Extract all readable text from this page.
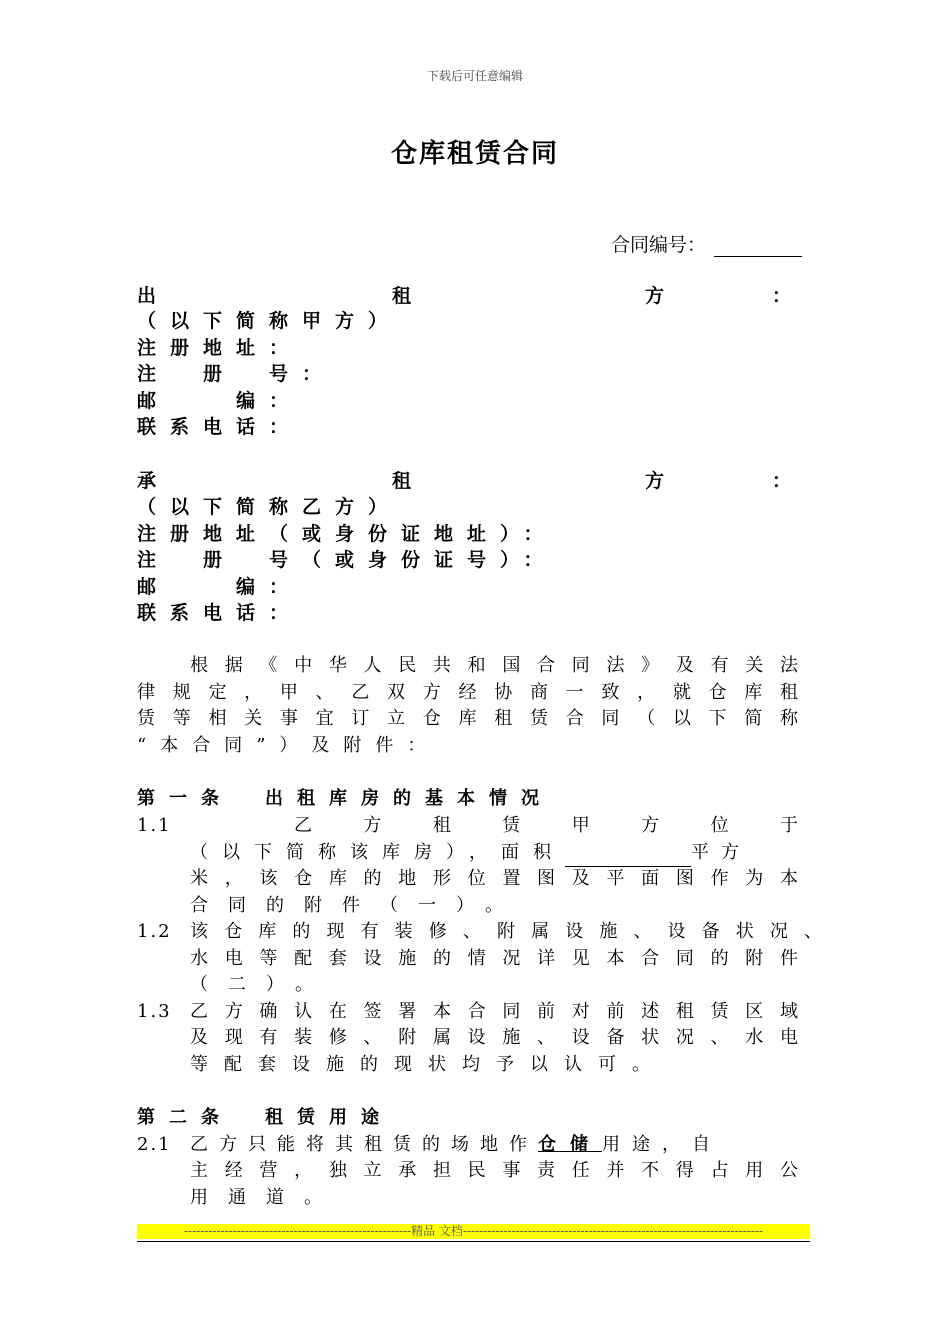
下载后可任意编辑
仓库租赁合同
合同编号：
出	租	方	：
（以下简称甲方）
注册地址：
注　册　号：
邮　　编：
联系电话：
承	租	方	：
（以下简称乙方）
注册地址（或身份证地址）：
注　册　号（或身份证号）：
邮　　编：
联系电话：
根据《中华人民共和国合同法》及有关法
律规定，甲、乙双方经协商一致，就仓库租
赁等相关事宜订立仓库租赁合同（以下简称
“本合同”）及附件：
第一条　出租库房的基本情况
1.1	乙方租赁甲方位于
（以下简称该库房），面积	平方
米，该仓库的地形位置图及平面图作为本
合同的附件（一）。
1.2 该仓库的现有装修、附属设施、设备状况、
水电等配套设施的情况详见本合同的附件
（二）。
1.3 乙方确认在签署本合同前对前述租赁区域
及现有装修、附属设施、设备状况、水电
等配套设施的现状均予以认可。
第二条　租赁用途
2.1 乙方只能将其租赁的场地作仓储用途，自
主经营，独立承担民事责任并不得占用公
用通道。
--------------------------------------------------------精品 文档--------------------------------------------------------------------------
